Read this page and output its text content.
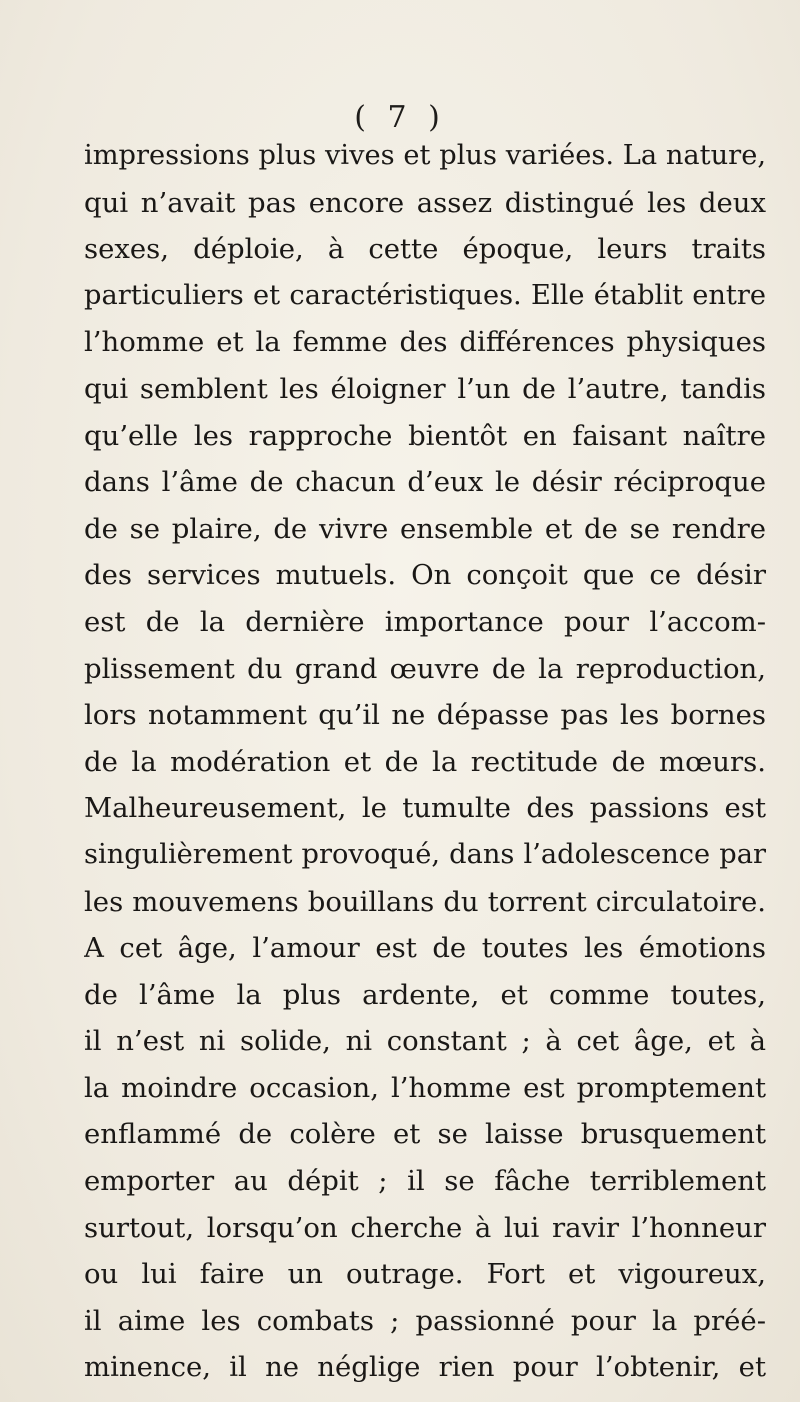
( 7 )
impressions plus vives et plus variées. La nature,
qui n’avait pas encore assez distingué les deux
sexes, déploie, à cette époque, leurs traits
particuliers et caractéristiques. Elle établit entre
l’homme et la femme des différences physiques
qui semblent les éloigner l’un de l’autre, tandis
qu’elle les rapproche bientôt en faisant naître
dans l’âme de chacun d’eux le désir réciproque
de se plaire, de vivre ensemble et de se rendre
des services mutuels. On conçoit que ce désir
est de la dernière importance pour l’accom-
plissement du grand œuvre de la reproduction,
lors notamment qu’il ne dépasse pas les bornes
de la modération et de la rectitude de mœurs.
Malheureusement, le tumulte des passions est
singulièrement provoqué, dans l’adolescence par
les mouvemens bouillans du torrent circulatoire.
A cet âge, l’amour est de toutes les émotions
de l’âme la plus ardente, et comme toutes,
il n’est ni solide, ni constant ; à cet âge, et à
la moindre occasion, l’homme est promptement
enflammé de colère et se laisse brusquement
emporter au dépit ; il se fâche terriblement
surtout, lorsqu’on cherche à lui ravir l’honneur
ou lui faire un outrage. Fort et vigoureux,
il aime les combats ; passionné pour la préé-
minence, il ne néglige rien pour l’obtenir, et
